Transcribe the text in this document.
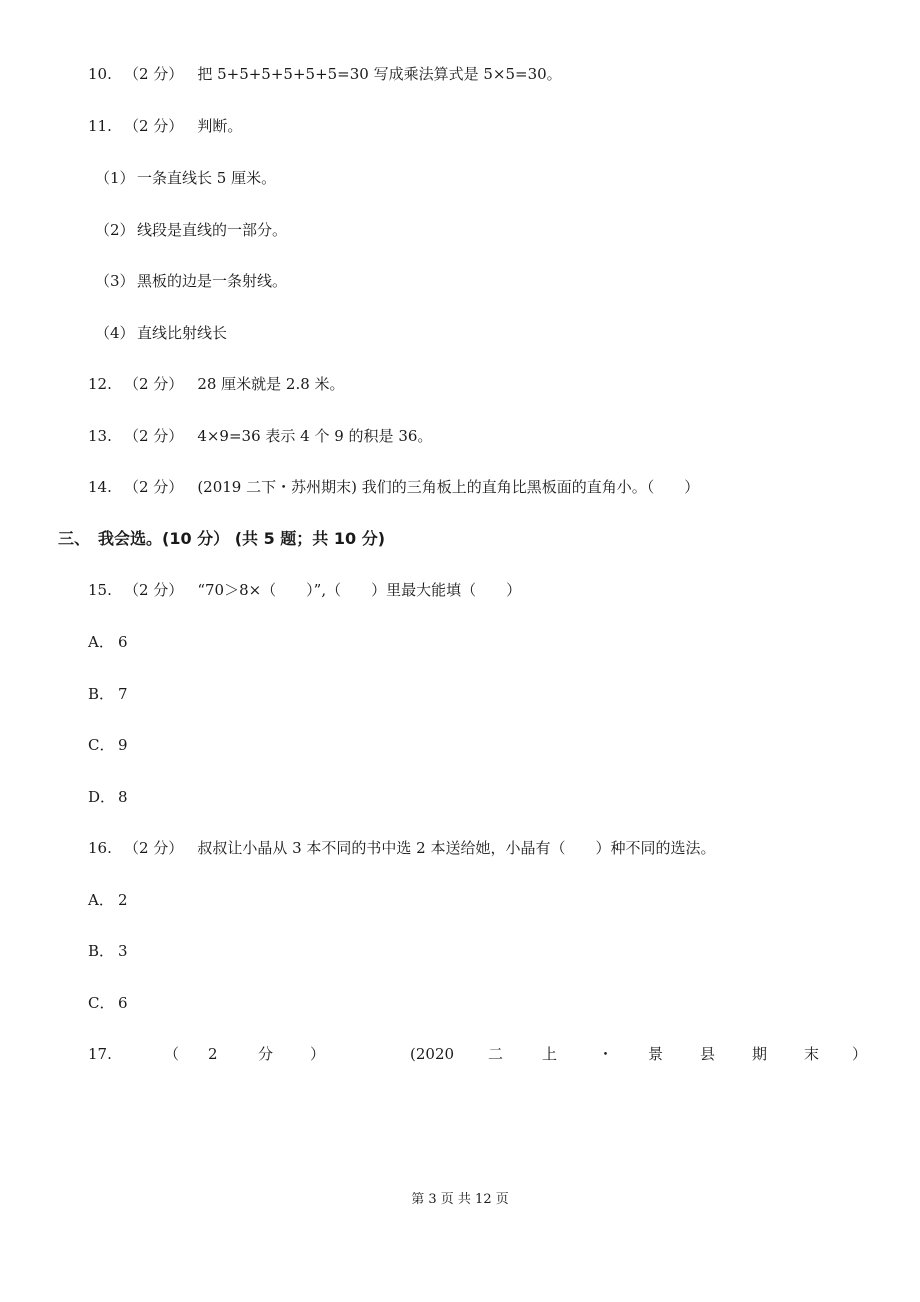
10. （2 分） 把 5+5+5+5+5+5=30 写成乘法算式是 5×5=30。
11. （2 分） 判断。
（1） 一条直线长 5 厘米。
（2） 线段是直线的一部分。
（3） 黑板的边是一条射线。
（4） 直线比射线长
12. （2 分） 28 厘米就是 2.8 米。
13. （2 分） 4×9=36 表示 4 个 9 的积是 36。
14. （2 分） (2019 二下・苏州期末) 我们的三角板上的直角比黑板面的直角小。（　　）
三、　我会选。(10 分） (共 5 题；共 10 分)
15. （2 分） “70＞8×（　　）”,（　　）里最大能填（　　）
A． 6
B． 7
C． 9
D． 8
16. （2 分） 叔叔让小晶从 3 本不同的书中选 2 本送给她，小晶有（　　）种不同的选法。
A． 2
B． 3
C． 6
17.	（ 2	分 ）	(2020 二	上	・ 景 县 期 末 ）
第 3 页 共 12 页
